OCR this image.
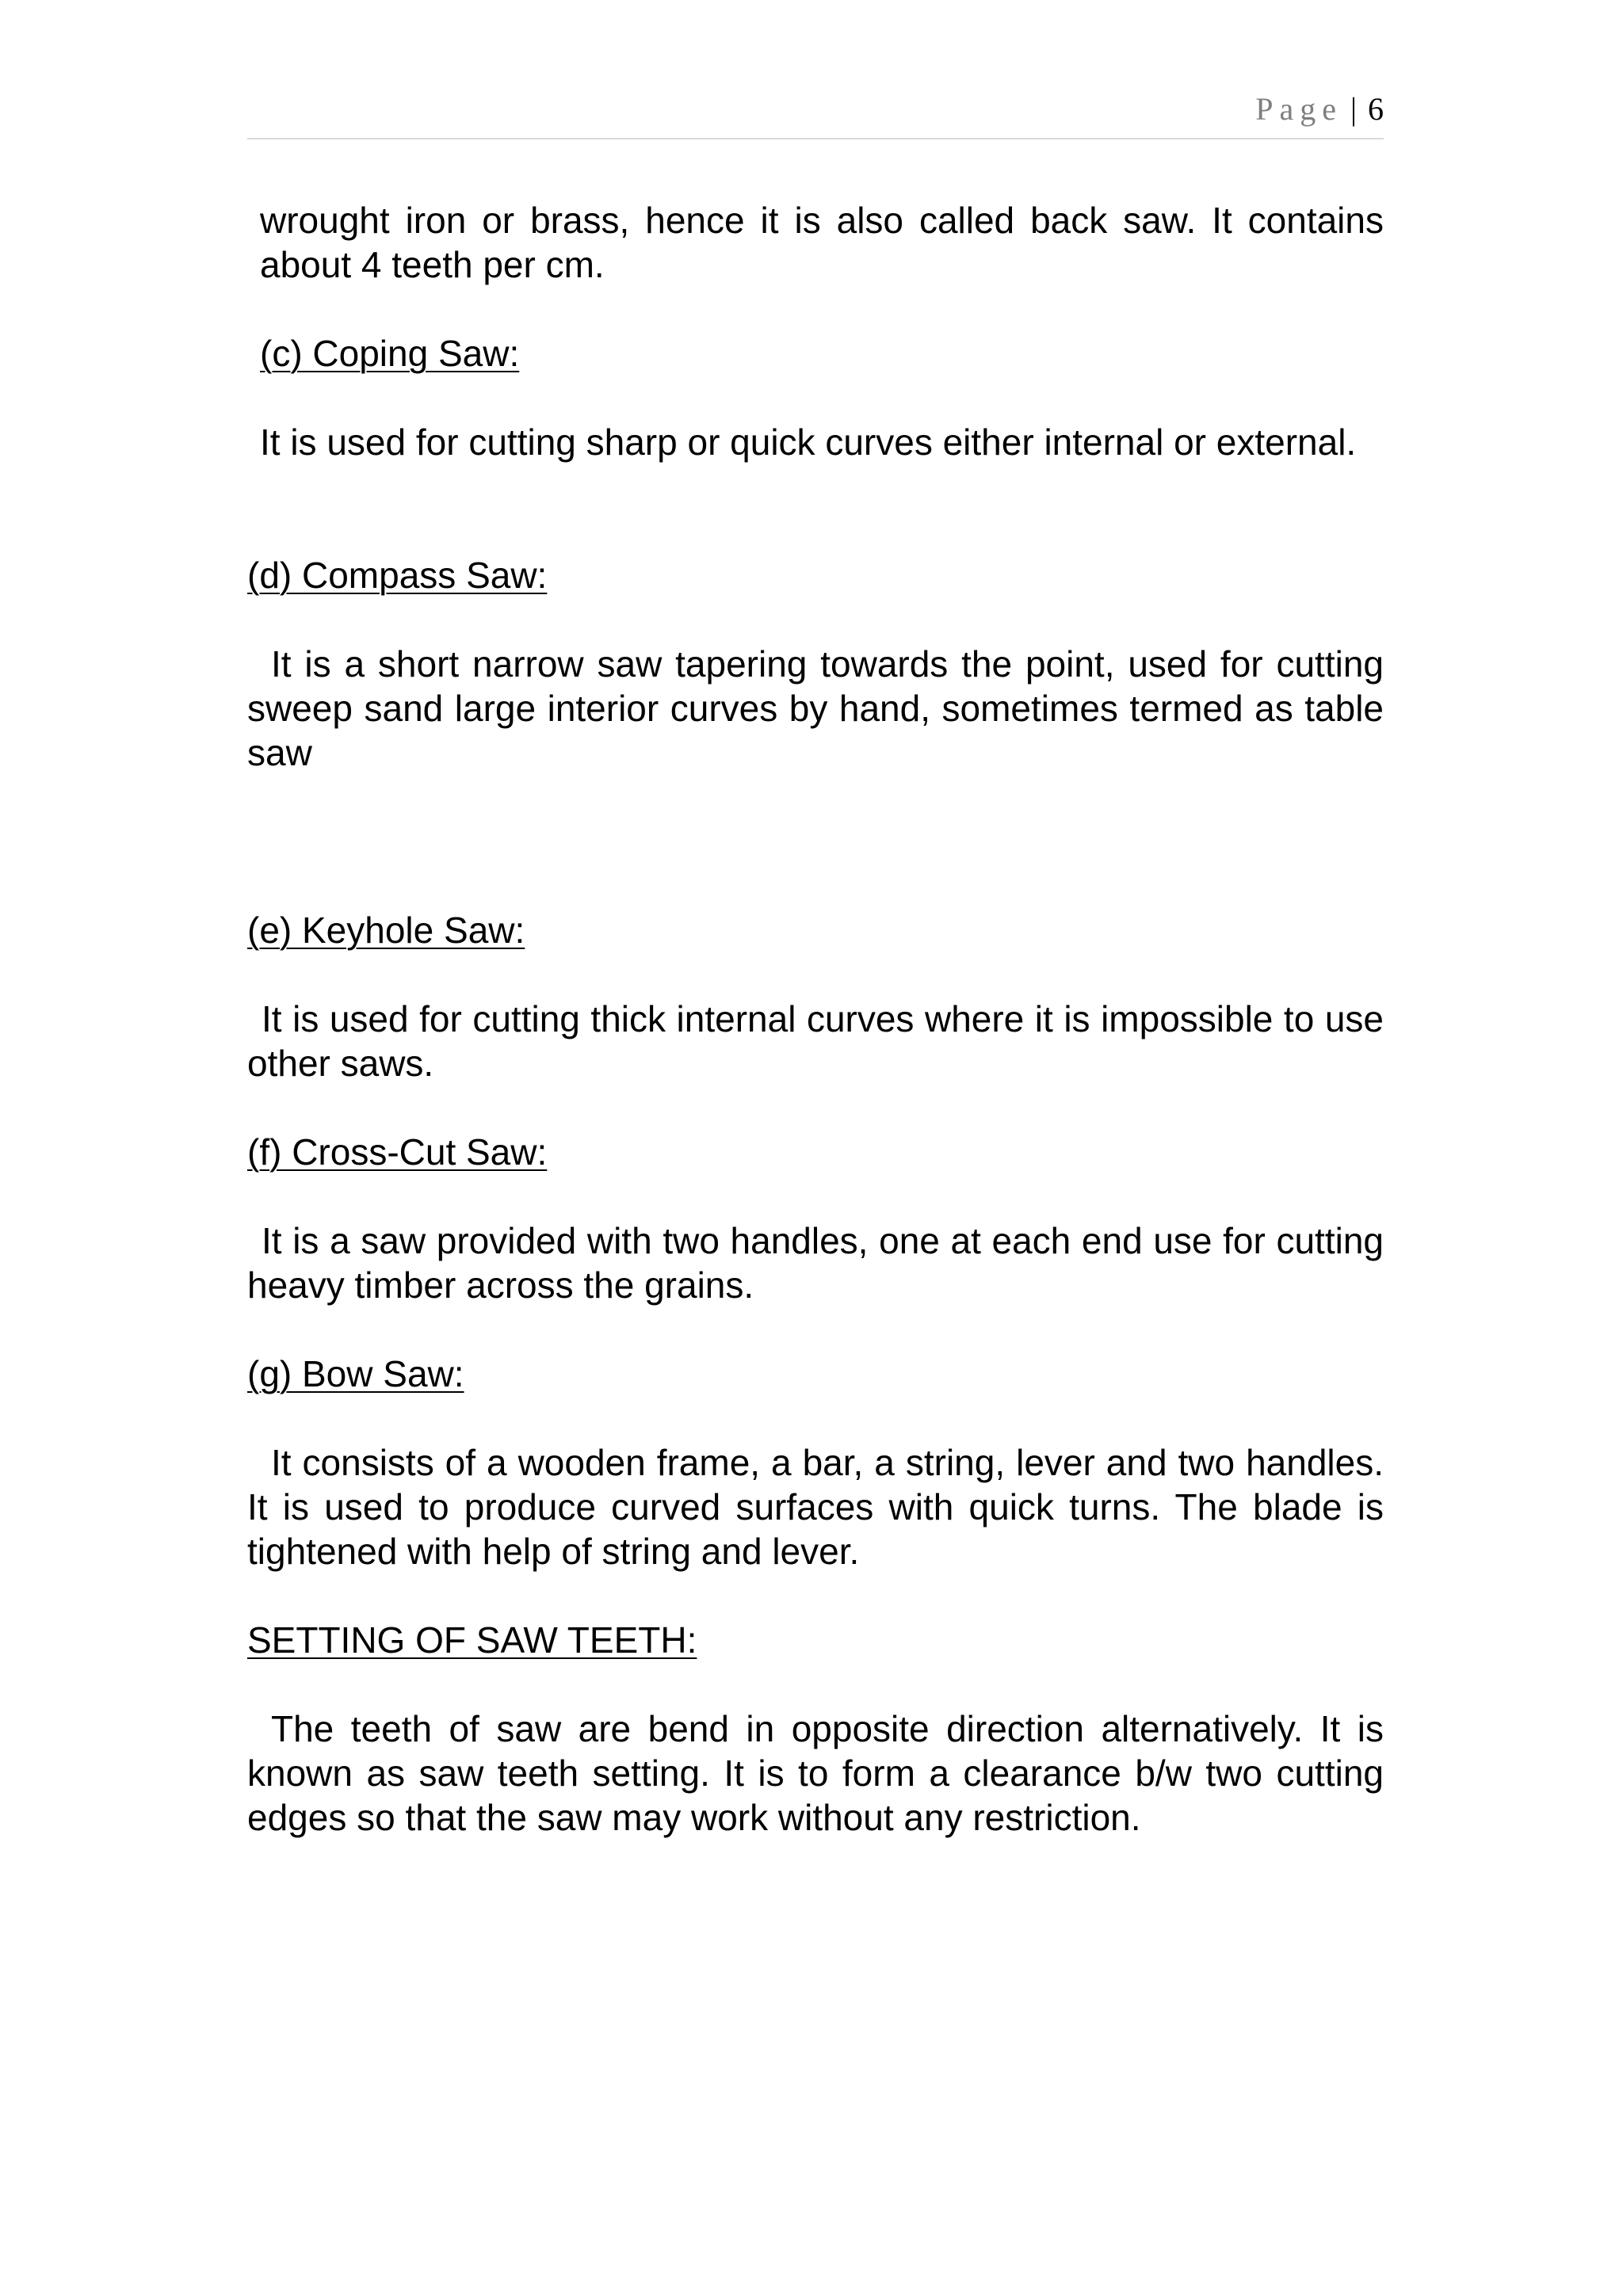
Page | 6

wrought iron or brass, hence it is also called back saw. It contains about 4 teeth per cm.

(c) Coping Saw:

It is used for cutting sharp or quick curves either internal or external.

(d) Compass Saw:

It is a short narrow saw tapering towards the point, used for cutting sweep sand large interior curves by hand, sometimes termed as table saw

(e) Keyhole Saw:

It is used for cutting thick internal curves where it is impossible to use other saws.

(f) Cross-Cut Saw:

It is a saw provided with two handles, one at each end use for cutting heavy timber across the grains.

(g) Bow Saw:

It consists of a wooden frame, a bar, a string, lever and two handles. It is used to produce curved surfaces with quick turns. The blade is tightened with help of string and lever.

SETTING OF SAW TEETH:

The teeth of saw are bend in opposite direction alternatively. It is known as saw teeth setting. It is to form a clearance b/w two cutting edges so that the saw may work without any restriction.
